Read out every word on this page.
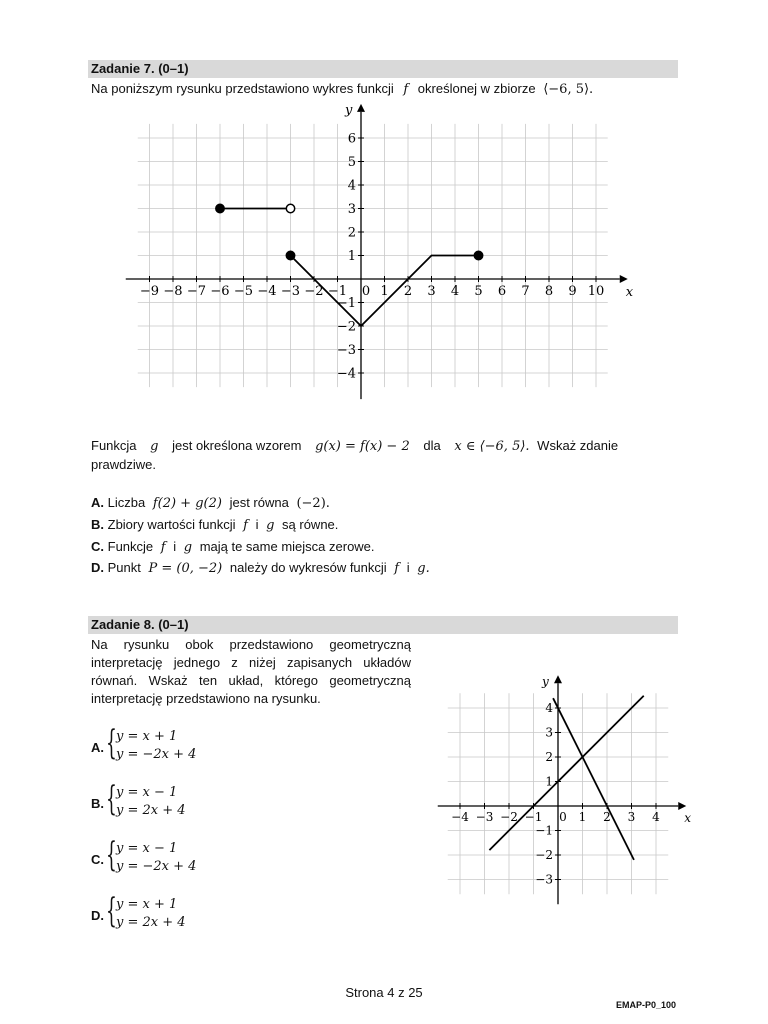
Zadanie 7. (0–1)
Na poniższym rysunku przedstawiono wykres funkcji f określonej w zbiorze ⟨−6, 5⟩.
x
y
−9 −8 −7 −6 −5 −4 −3 −2 −1 0 1 2 3 4 5 6 7 8 9 10
1
2
3
4
5
6
−1
−2
−3
−4
Funkcja g jest określona wzorem g(x) = f(x) − 2 dla x ∈ ⟨−6, 5⟩. Wskaż zdanie
prawdziwe.
A. Liczba f(2) + g(2) jest równa (−2).
B. Zbiory wartości funkcji f i g są równe.
C. Funkcje f i g mają te same miejsca zerowe.
D. Punkt P = (0, −2) należy do wykresów funkcji f i g.
Zadanie 8. (0–1)
Na rysunku obok przedstawiono geometryczną
interpretację jednego z niżej zapisanych układów
równań. Wskaż ten układ, którego geometryczną
interpretację przedstawiono na rysunku.
A. { y = x + 1
y = −2x + 4
B. { y = x − 1
y = 2x + 4
C. { y = x − 1
y = −2x + 4
D. { y = x + 1
y = 2x + 4
x
y
−4 −3 −2 −1 0 1 2 3 4
1
2
3
4
−1
−2
−3
Strona 4 z 25
EMAP-P0_100
